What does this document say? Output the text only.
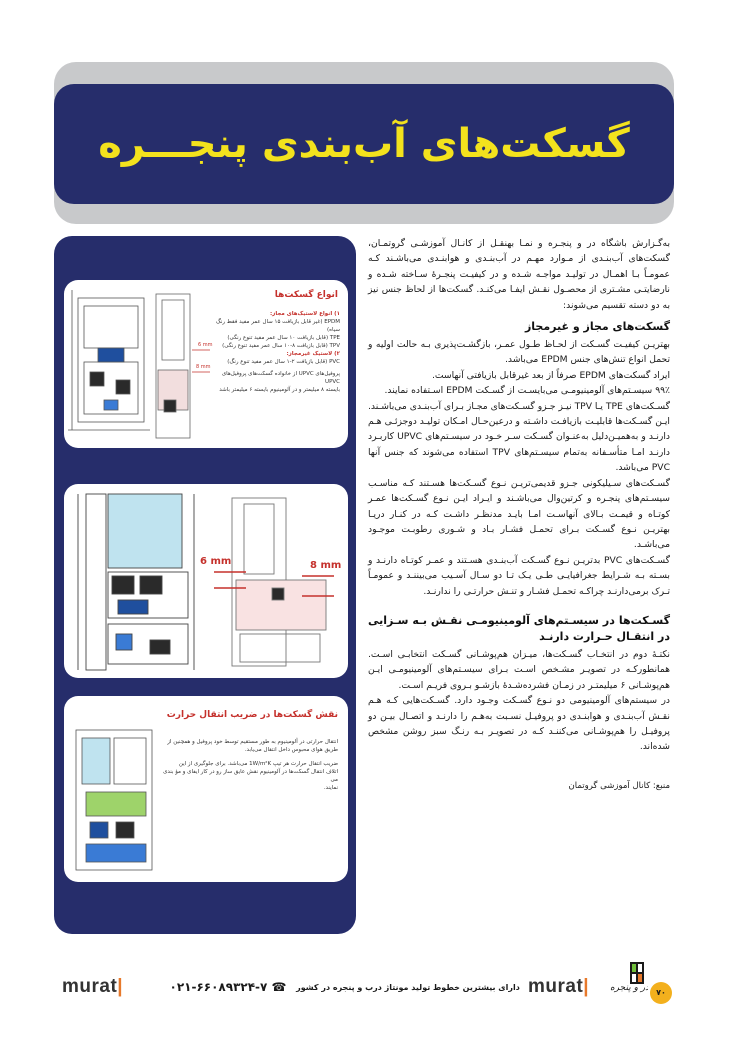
گسکت‌های آب‌بندی پنجـــره
6 mm
8 mm
انواع گسکت‌ها
۱) انواع لاستیک‌های مجاز:
EPDM (غیر قابل بازیافت ۱۵ سال عمر مفید فقط رنگ سیاه)
TPE (قابل بازیافت ۱۰ سال عمر مفید تنوع رنگی)
TPV (قابل بازیافت ۸-۱۰ سال عمر مفید تنوع رنگی)
۲) لاستیک غیرمجاز:
PVC (قابل بازیافت ۲-۱ سال عمر مفید تنوع رنگ)
پروفیل‌های UPVC از خانواده گسکت‌های پروفیل‌های UPVC
بایسته ۸ میلیمتر و در آلومینیوم بایسته ۶ میلیمتر باشد
6 mm	8 mm
نقش گسکت‌ها در ضریب انتقال حرارت
انتقال حرارتی در آلومینیوم به طور مستقیم توسط خود پروفیل و همچنین از
طریق هوای محبوس داخل انتقال می‌یابد.
ضریب انتقال حرارت هر تیپ 1W/m²K می‌باشد. برای جلوگیری از این
اتلاف انتقال گسکت‌ها در آلومینیوم نقش عایق ساز رو در کار ایفای و مؤ بندی می
نمایند.

به‌گـزارش باشگاه در و پنجـره و نمـا بهنقـل از کانـال آموزشـی گروتمـان، گسکت‌های آب‌بنـدی از مـوارد مهـم در آب‌بنـدی و هوابنـدی می‌باشـند کـه عمومـاً بـا اهمـال در تولیـد مواجـه شـده و در کیفیـت پنجـرهٔ سـاخته شـده و نارضایتـی مشـتری از محصـول نقـش ایفـا می‌کنـد. گسکت‌ها از لحاظ جنس نیز به دو دسته تقسیم می‌شوند:

گسکت‌های مجاز و غیرمجاز

بهتریـن کیفیـت گسـکت از لحـاظ طـول عمـر، بازگشـت‌پذیری بـه حالت اولیه و تحمل انواع تنش‌های جنس EPDM می‌باشد.

ایراد گسکت‌های EPDM صرفاً از بعد غیرقابل بازیافتی آنهاست.

۹۹٪ سیسـتم‌های آلومینیومـی می‌بایسـت از گسـکت EPDM اسـتفاده نمایند.

گسـکت‌های TPE یـا TPV نیـز جـزو گسـکت‌های مجـاز بـرای آب‌بنـدی می‌باشـند. ایـن گسـکت‌ها قابلیـت بازیافـت داشـته و درعین‌حـال امـکان تولیـد دوجزئـی هـم دارنـد و به‌همیـن‌دلیل به‌عنـوان گسـکت سـر خـود در سیسـتم‌های UPVC کاربـرد دارنـد امـا متأسـفانه به‌تمام سیسـتم‌های TPV استفاده می‌شوند که جنس آنها PVC می‌باشد.

گسـکت‌های سـیلیکونی جـزو قدیمی‌تریـن نـوع گسـکت‌ها هسـتند کـه مناسـب سیسـتم‌های پنجـره و کرتین‌وال می‌باشـند و ایـراد ایـن نـوع گسـکت‌ها عمـر کوتـاه و قیمـت بـالای آنهاسـت امـا بایـد مدنظـر داشـت کـه در کنـار دریـا بهتریـن نـوع گسـکت بـرای تحمـل فشـار بـاد و شـوری رطوبـت موجـود می‌باشـد.

گسـکت‌های PVC بدتریـن نـوع گسـکت آب‌بنـدی هسـتند و عمـر کوتـاه دارنـد و بسـته بـه شـرایط جغرافیایـی طـی یـک تـا دو سـال آسـیب می‌بیننـد و عمومـاً تـرک برمی‌دارنـد چراکـه تحمـل فشـار و تنـش حرارتـی را ندارنـد.

گسـکت‌ها در سیسـتم‌های آلومینیومـی نقـش بـه سـزایی در انتقـال حـرارت دارنـد

نکتـهٔ دوم در انتخـاب گسـکت‌ها، میـزان هم‌پوشـانی گسـکت انتخابـی اسـت. همانطورکـه در تصویـر مشـخص اسـت بـرای سیسـتم‌های آلومینیومـی ایـن هم‌پوشـانی ۶ میلیمتـر در زمـان فشرده‌شـدهٔ بازشـو بـروی فریـم اسـت.

در سیستم‌های آلومینیومی دو نـوع گسـکت وجـود دارد. گسـکت‌هایی کـه هـم نقـش آب‌بنـدی و هوابنـدی دو پروفیـل نسـبت به‌هـم را دارنـد و اتصـال بیـن دو پروفیـل را هم‌پوشـانی می‌کننـد کـه در تصویـر بـه رنـگ سبز روشن مشخص شده‌اند.

منبع: کانال آموزشی گروتمان

murat|	☎ ۰۲۱-۶۶۰۸۹۳۲۴-۷	دارای بیشترین خطوط تولید مونتاژ درب و پنجره در کشور murat| در و پنجره ۷۰
